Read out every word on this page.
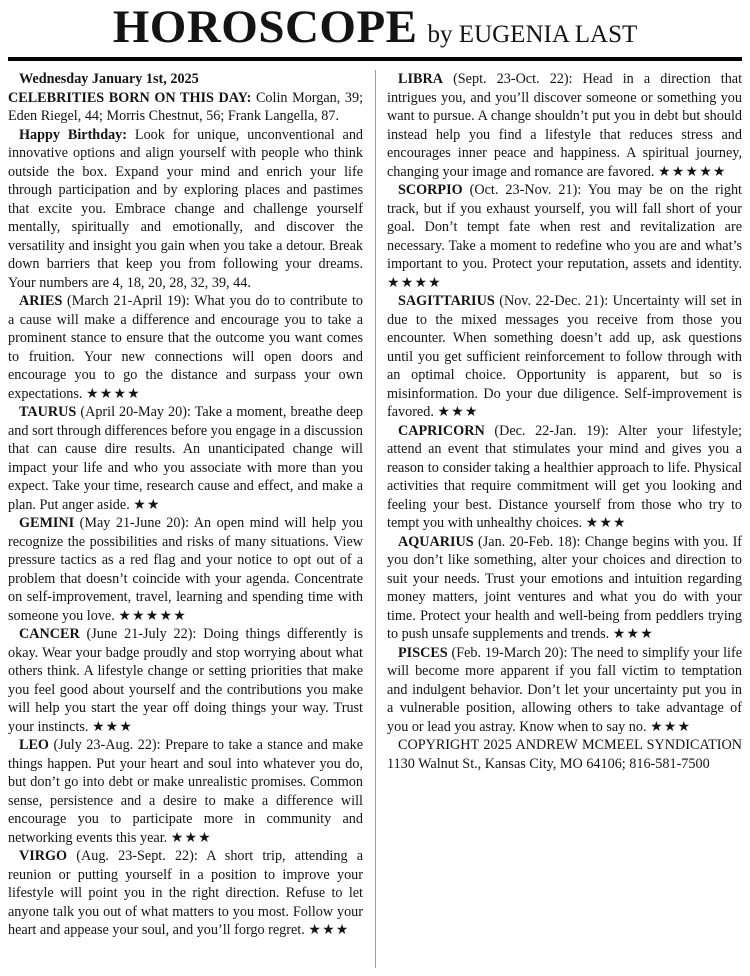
HOROSCOPE by EUGENIA LAST

Wednesday January 1st, 2025

CELEBRITIES BORN ON THIS DAY: Colin Morgan, 39; Eden Riegel, 44; Morris Chestnut, 56; Frank Langella, 87.

Happy Birthday: Look for unique, unconventional and innovative options and align yourself with people who think outside the box. Expand your mind and enrich your life through participation and by exploring places and pastimes that excite you. Embrace change and challenge yourself mentally, spiritually and emotionally, and discover the versatility and insight you gain when you take a detour. Break down barriers that keep you from following your dreams. Your numbers are 4, 18, 20, 28, 32, 39, 44.

ARIES (March 21-April 19): What you do to contribute to a cause will make a difference and encourage you to take a prominent stance to ensure that the outcome you want comes to fruition. Your new connections will open doors and encourage you to go the distance and surpass your own expectations. ★★★★

TAURUS (April 20-May 20): Take a moment, breathe deep and sort through differences before you engage in a discussion that can cause dire results. An unanticipated change will impact your life and who you associate with more than you expect. Take your time, research cause and effect, and make a plan. Put anger aside. ★★

GEMINI (May 21-June 20): An open mind will help you recognize the possibilities and risks of many situations. View pressure tactics as a red flag and your notice to opt out of a problem that doesn’t coincide with your agenda. Concentrate on self-improvement, travel, learning and spending time with someone you love. ★★★★★

CANCER (June 21-July 22): Doing things differently is okay. Wear your badge proudly and stop worrying about what others think. A lifestyle change or setting priorities that make you feel good about yourself and the contributions you make will help you start the year off doing things your way. Trust your instincts. ★★★

LEO (July 23-Aug. 22): Prepare to take a stance and make things happen. Put your heart and soul into whatever you do, but don’t go into debt or make unrealistic promises. Common sense, persistence and a desire to make a difference will encourage you to participate more in community and networking events this year. ★★★

VIRGO (Aug. 23-Sept. 22): A short trip, attending a reunion or putting yourself in a position to improve your lifestyle will point you in the right direction. Refuse to let anyone talk you out of what matters to you most. Follow your heart and appease your soul, and you’ll forgo regret. ★★★

LIBRA (Sept. 23-Oct. 22): Head in a direction that intrigues you, and you’ll discover someone or something you want to pursue. A change shouldn’t put you in debt but should instead help you find a lifestyle that reduces stress and encourages inner peace and happiness. A spiritual journey, changing your image and romance are favored. ★★★★★

SCORPIO (Oct. 23-Nov. 21): You may be on the right track, but if you exhaust yourself, you will fall short of your goal. Don’t tempt fate when rest and revitalization are necessary. Take a moment to redefine who you are and what’s important to you. Protect your reputation, assets and identity. ★★★★

SAGITTARIUS (Nov. 22-Dec. 21): Uncertainty will set in due to the mixed messages you receive from those you encounter. When something doesn’t add up, ask questions until you get sufficient reinforcement to follow through with an optimal choice. Opportunity is apparent, but so is misinformation. Do your due diligence. Self-improvement is favored. ★★★

CAPRICORN (Dec. 22-Jan. 19): Alter your lifestyle; attend an event that stimulates your mind and gives you a reason to consider taking a healthier approach to life. Physical activities that require commitment will get you looking and feeling your best. Distance yourself from those who try to tempt you with unhealthy choices. ★★★

AQUARIUS (Jan. 20-Feb. 18): Change begins with you. If you don’t like something, alter your choices and direction to suit your needs. Trust your emotions and intuition regarding money matters, joint ventures and what you do with your time. Protect your health and well-being from peddlers trying to push unsafe supplements and trends. ★★★

PISCES (Feb. 19-March 20): The need to simplify your life will become more apparent if you fall victim to temptation and indulgent behavior. Don’t let your uncertainty put you in a vulnerable position, allowing others to take advantage of you or lead you astray. Know when to say no. ★★★

COPYRIGHT 2025 ANDREW MCMEEL SYNDICATION 1130 Walnut St., Kansas City, MO 64106; 816-581-7500
